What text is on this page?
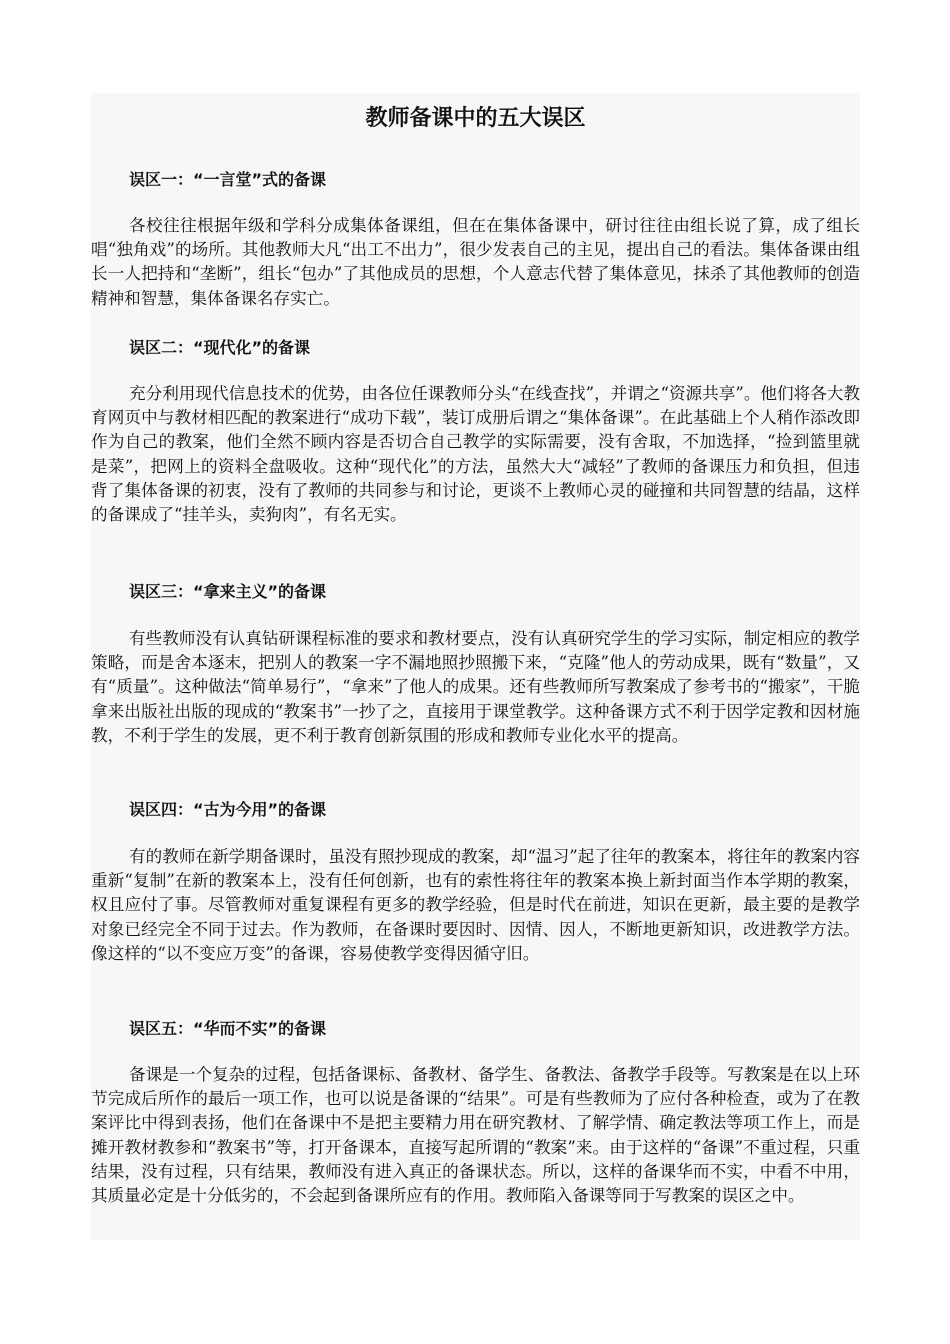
教师备课中的五大误区
误区一：“一言堂”式的备课

各校往往根据年级和学科分成集体备课组，但在在集体备课中，研讨往往由组长说了算，成了组长唱“独角戏”的场所。其他教师大凡“出工不出力”，很少发表自己的主见，提出自己的看法。集体备课由组长一人把持和“垄断”，组长“包办”了其他成员的思想，个人意志代替了集体意见，抹杀了其他教师的创造精神和智慧，集体备课名存实亡。

误区二：“现代化”的备课

充分利用现代信息技术的优势，由各位任课教师分头“在线查找”，并谓之“资源共享”。他们将各大教育网页中与教材相匹配的教案进行“成功下载”，装订成册后谓之“集体备课”。在此基础上个人稍作添改即作为自己的教案，他们全然不顾内容是否切合自己教学的实际需要，没有舍取，不加选择，“捡到篮里就是菜”，把网上的资料全盘吸收。这种“现代化”的方法，虽然大大“减轻”了教师的备课压力和负担，但违背了集体备课的初衷，没有了教师的共同参与和讨论，更谈不上教师心灵的碰撞和共同智慧的结晶，这样的备课成了“挂羊头，卖狗肉”，有名无实。

误区三：“拿来主义”的备课

有些教师没有认真钻研课程标准的要求和教材要点，没有认真研究学生的学习实际，制定相应的教学策略，而是舍本逐末，把别人的教案一字不漏地照抄照搬下来，“克隆”他人的劳动成果，既有“数量”，又有“质量”。这种做法“简单易行”，“拿来”了他人的成果。还有些教师所写教案成了参考书的“搬家”，干脆拿来出版社出版的现成的“教案书”一抄了之，直接用于课堂教学。这种备课方式不利于因学定教和因材施教，不利于学生的发展，更不利于教育创新氛围的形成和教师专业化水平的提高。

误区四：“古为今用”的备课

有的教师在新学期备课时，虽没有照抄现成的教案，却“温习”起了往年的教案本，将往年的教案内容重新“复制”在新的教案本上，没有任何创新，也有的索性将往年的教案本换上新封面当作本学期的教案，权且应付了事。尽管教师对重复课程有更多的教学经验，但是时代在前进，知识在更新，最主要的是教学对象已经完全不同于过去。作为教师，在备课时要因时、因情、因人，不断地更新知识，改进教学方法。像这样的“以不变应万变”的备课，容易使教学变得因循守旧。

误区五：“华而不实”的备课

备课是一个复杂的过程，包括备课标、备教材、备学生、备教法、备教学手段等。写教案是在以上环节完成后所作的最后一项工作，也可以说是备课的“结果”。可是有些教师为了应付各种检查，或为了在教案评比中得到表扬，他们在备课中不是把主要精力用在研究教材、了解学情、确定教法等项工作上，而是摊开教材教参和“教案书”等，打开备课本，直接写起所谓的“教案”来。由于这样的“备课”不重过程，只重结果，没有过程，只有结果，教师没有进入真正的备课状态。所以，这样的备课华而不实，中看不中用，其质量必定是十分低劣的，不会起到备课所应有的作用。教师陷入备课等同于写教案的误区之中。
